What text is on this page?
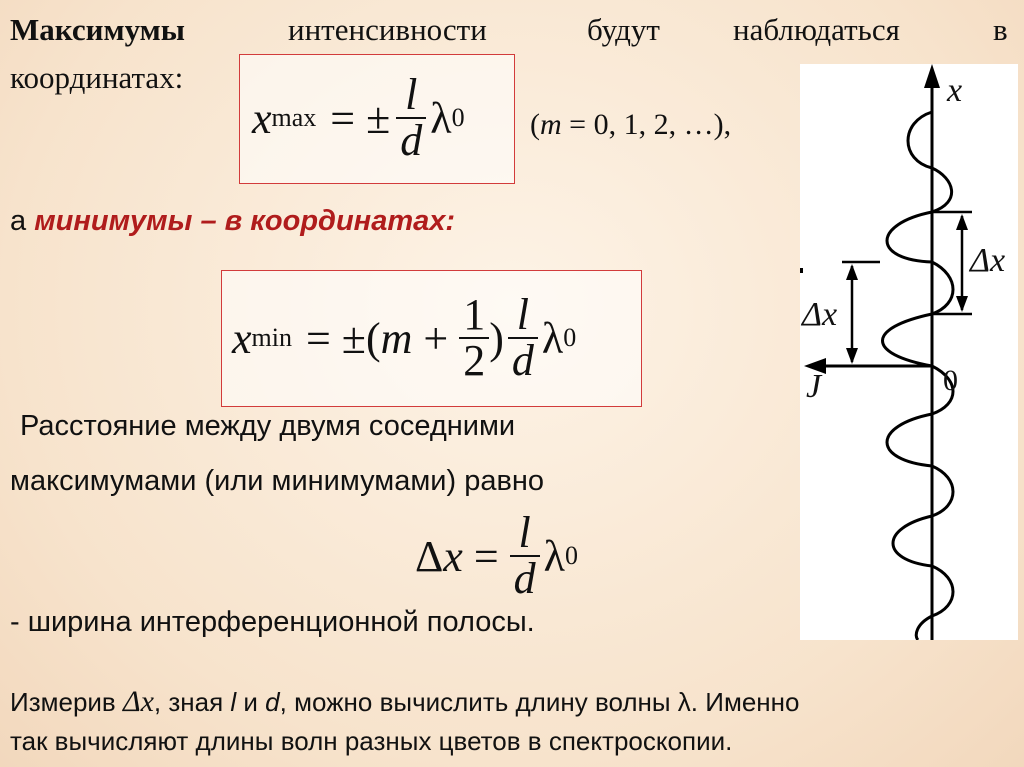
Максимумы	интенсивности	будут наблюдаться	в
координатах:
x max = ± $\frac{l}{d}$ λ 0 (m = 0, 1, 2, …),
а минимумы – в координатах:
x min = ±( $m + \frac{1}{2}$ ) $\frac{l}{d}$ λ 0
Расстояние между двумя соседними
максимумами (или минимумами) равно
Δ $x = \frac{l}{d}$ λ 0
- ширина интерференционной полосы.
Измерив Δx, зная l и d, можно вычислить длину волны λ. Именно
так вычисляют длины волн разных цветов в спектроскопии.
x
J	0
Δx
Δx
